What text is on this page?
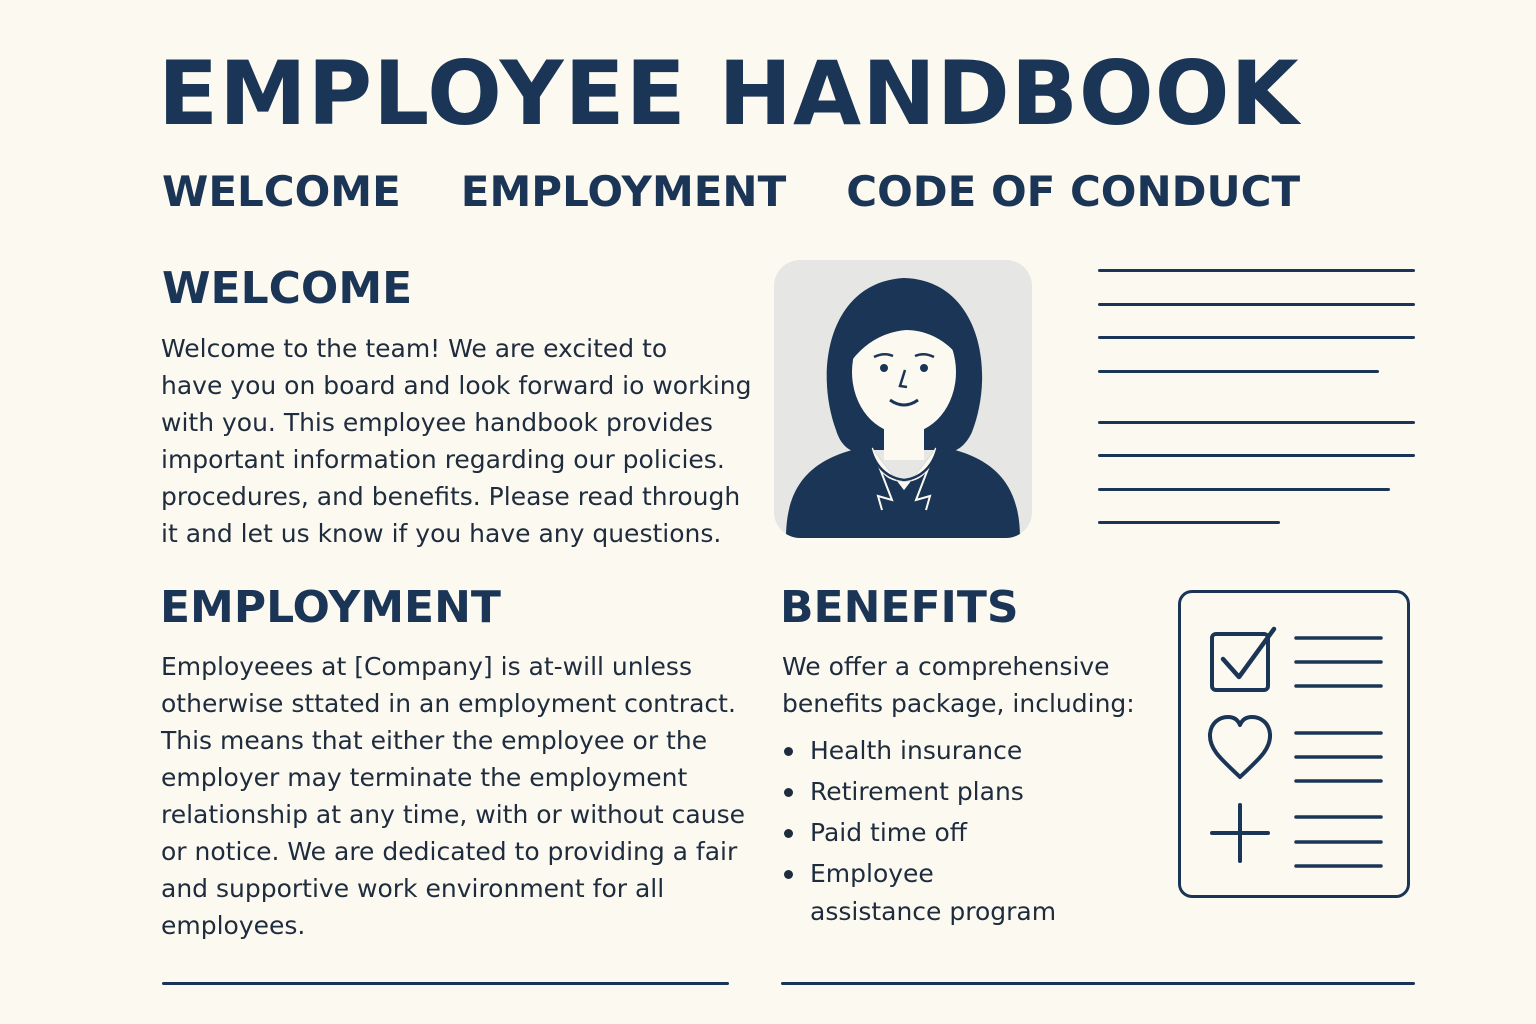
EMPLOYEE HANDBOOK
WELCOME EMPLOYMENT CODE OF CONDUCT
WELCOME
Welcome to the team! We are excited to
have you on board and look forward io working
with you. This employee handbook provides
important information regarding our policies.
procedures, and benefits. Please read through
it and let us know if you have any questions.
EMPLOYMENT
Employeees at [Company] is at-will unless
otherwise sttated in an employment contract.
This means that either the employee or the
employer may terminate the employment
relationship at any time, with or without cause
or notice. We are dedicated to providing a fair
and supportive work environment for all
employees.
BENEFITS
We offer a comprehensive
benefits package, including:
Health insurance
Retirement plans
Paid time off
Employee assistance program
